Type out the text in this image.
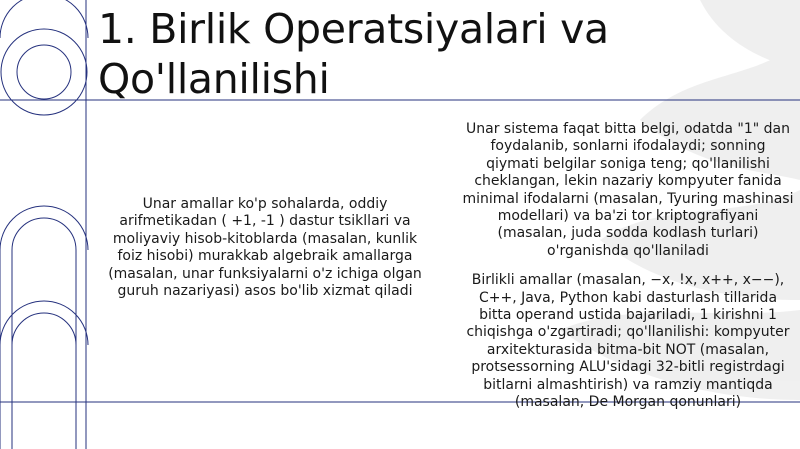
1. Birlik Operatsiyalari va Qo'llanilishi

Unar amallar ko'p sohalarda, oddiy arifmetikadan ( +1, -1 ) dastur tsikllari va moliyaviy hisob-kitoblarda (masalan, kunlik foiz hisobi) murakkab algebraik amallarga (masalan, unar funksiyalarni o'z ichiga olgan guruh nazariyasi) asos bo'lib xizmat qiladi

Unar sistema faqat bitta belgi, odatda "1" dan foydalanib, sonlarni ifodalaydi; sonning qiymati belgilar soniga teng; qo'llanilishi cheklangan, lekin nazariy kompyuter fanida minimal ifodalarni (masalan, Tyuring mashinasi modellari) va ba'zi tor kriptografiyani (masalan, juda sodda kodlash turlari) o'rganishda qo'llaniladi

Birlikli amallar (masalan, −x, !x, x++, x−−), C++, Java, Python kabi dasturlash tillarida bitta operand ustida bajariladi, 1 kirishni 1 chiqishga o'zgartiradi; qo'llanilishi: kompyuter arxitekturasida bitma-bit NOT (masalan, protsessorning ALU'sidagi 32-bitli registrdagi bitlarni almashtirish) va ramziy mantiqda (masalan, De Morgan qonunlari)
